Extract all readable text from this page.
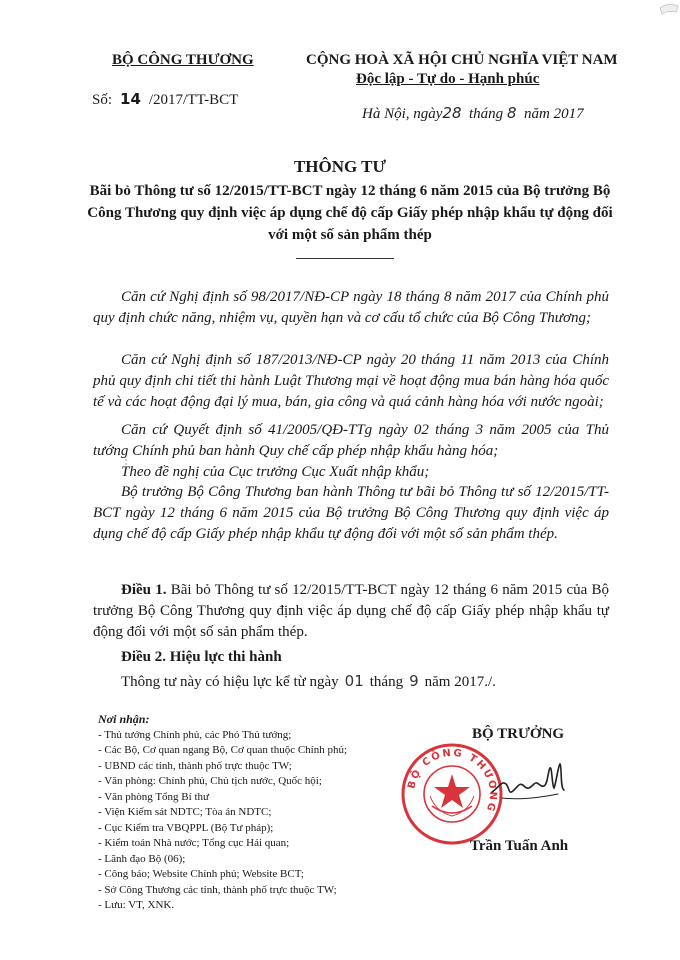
BỘ CÔNG THƯƠNG	CỘNG HOÀ XÃ HỘI CHỦ NGHĨA VIỆT NAM
Độc lập - Tự do - Hạnh phúc
Số: 14 /2017/TT-BCT
Hà Nội, ngày28 tháng 8 năm 2017
THÔNG TƯ
Bãi bỏ Thông tư số 12/2015/TT-BCT ngày 12 tháng 6 năm 2015 của Bộ trưởng Bộ Công Thương quy định việc áp dụng chế độ cấp Giấy phép nhập khẩu tự động đối với một số sản phẩm thép
Căn cứ Nghị định số 98/2017/NĐ-CP ngày 18 tháng 8 năm 2017 của Chính phủ quy định chức năng, nhiệm vụ, quyền hạn và cơ cấu tổ chức của Bộ Công Thương;
Căn cứ Nghị định số 187/2013/NĐ-CP ngày 20 tháng 11 năm 2013 của Chính phủ quy định chi tiết thi hành Luật Thương mại về hoạt động mua bán hàng hóa quốc tế và các hoạt động đại lý mua, bán, gia công và quá cảnh hàng hóa với nước ngoài;
Căn cứ Quyết định số 41/2005/QĐ-TTg ngày 02 tháng 3 năm 2005 của Thủ tướng Chính phủ ban hành Quy chế cấp phép nhập khẩu hàng hóa;
Theo đề nghị của Cục trưởng Cục Xuất nhập khẩu;
Bộ trưởng Bộ Công Thương ban hành Thông tư bãi bỏ Thông tư số 12/2015/TT-BCT ngày 12 tháng 6 năm 2015 của Bộ trưởng Bộ Công Thương quy định việc áp dụng chế độ cấp Giấy phép nhập khẩu tự động đối với một số sản phẩm thép.
Điều 1. Bãi bỏ Thông tư số 12/2015/TT-BCT ngày 12 tháng 6 năm 2015 của Bộ trưởng Bộ Công Thương quy định việc áp dụng chế độ cấp Giấy phép nhập khẩu tự động đối với một số sản phẩm thép.
Điều 2. Hiệu lực thi hành
Thông tư này có hiệu lực kể từ ngày 01 tháng 9 năm 2017./.
Nơi nhận:
- Thủ tướng Chính phủ, các Phó Thủ tướng;
- Các Bộ, Cơ quan ngang Bộ, Cơ quan thuộc Chính phủ;
- UBND các tỉnh, thành phố trực thuộc TW;
- Văn phòng: Chính phủ, Chủ tịch nước, Quốc hội;
- Văn phòng Tổng Bí thư
- Viện Kiểm sát NDTC; Tòa án NDTC;
- Cục Kiểm tra VBQPPL (Bộ Tư pháp);
- Kiểm toán Nhà nước; Tổng cục Hải quan;
- Lãnh đạo Bộ (06);
- Công báo; Website Chính phủ; Website BCT;
- Sở Công Thương các tỉnh, thành phố trực thuộc TW;
- Lưu: VT, XNK.
BỘ TRƯỞNG
BỘ CÔNG THƯƠNG
Trần Tuấn Anh
